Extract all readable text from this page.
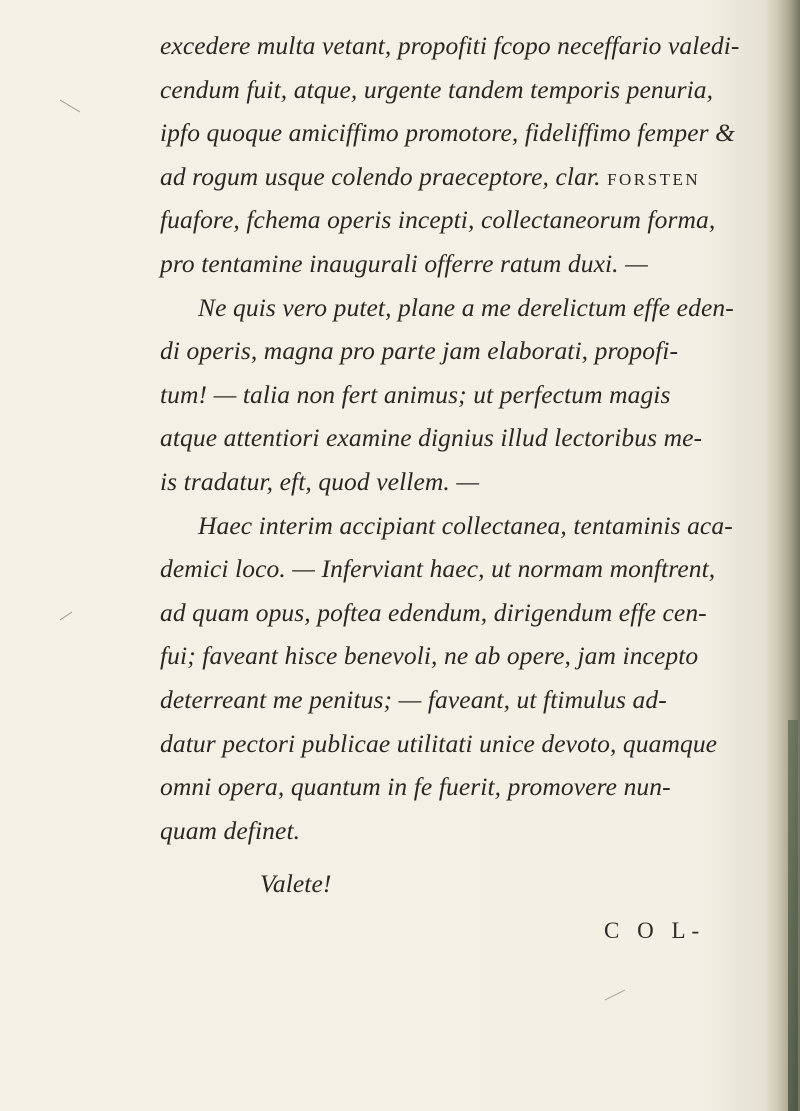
excedere multa vetant, propofiti fcopo neceffario valedi-
cendum fuit, atque, urgente tandem temporis penuria,
ipfo quoque amiciffimo promotore, fideliffimo femper &
ad rogum usque colendo praeceptore, clar. FORSTEN
fuafore, fchema operis incepti, collectaneorum forma,
pro tentamine inaugurali offerre ratum duxi. —
Ne quis vero putet, plane a me derelictum effe eden-
di operis, magna pro parte jam elaborati, propofi-
tum! — talia non fert animus; ut perfectum magis
atque attentiori examine dignius illud lectoribus me-
is tradatur, eft, quod vellem. —
Haec interim accipiant collectanea, tentaminis aca-
demici loco. — Inferviant haec, ut normam monftrent,
ad quam opus, poftea edendum, dirigendum effe cen-
fui; faveant hisce benevoli, ne ab opere, jam incepto
deterreant me penitus; — faveant, ut ftimulus ad-
datur pectori publicae utilitati unice devoto, quamque
omni opera, quantum in fe fuerit, promovere nun-
quam definet.
Valete!
C O L-
